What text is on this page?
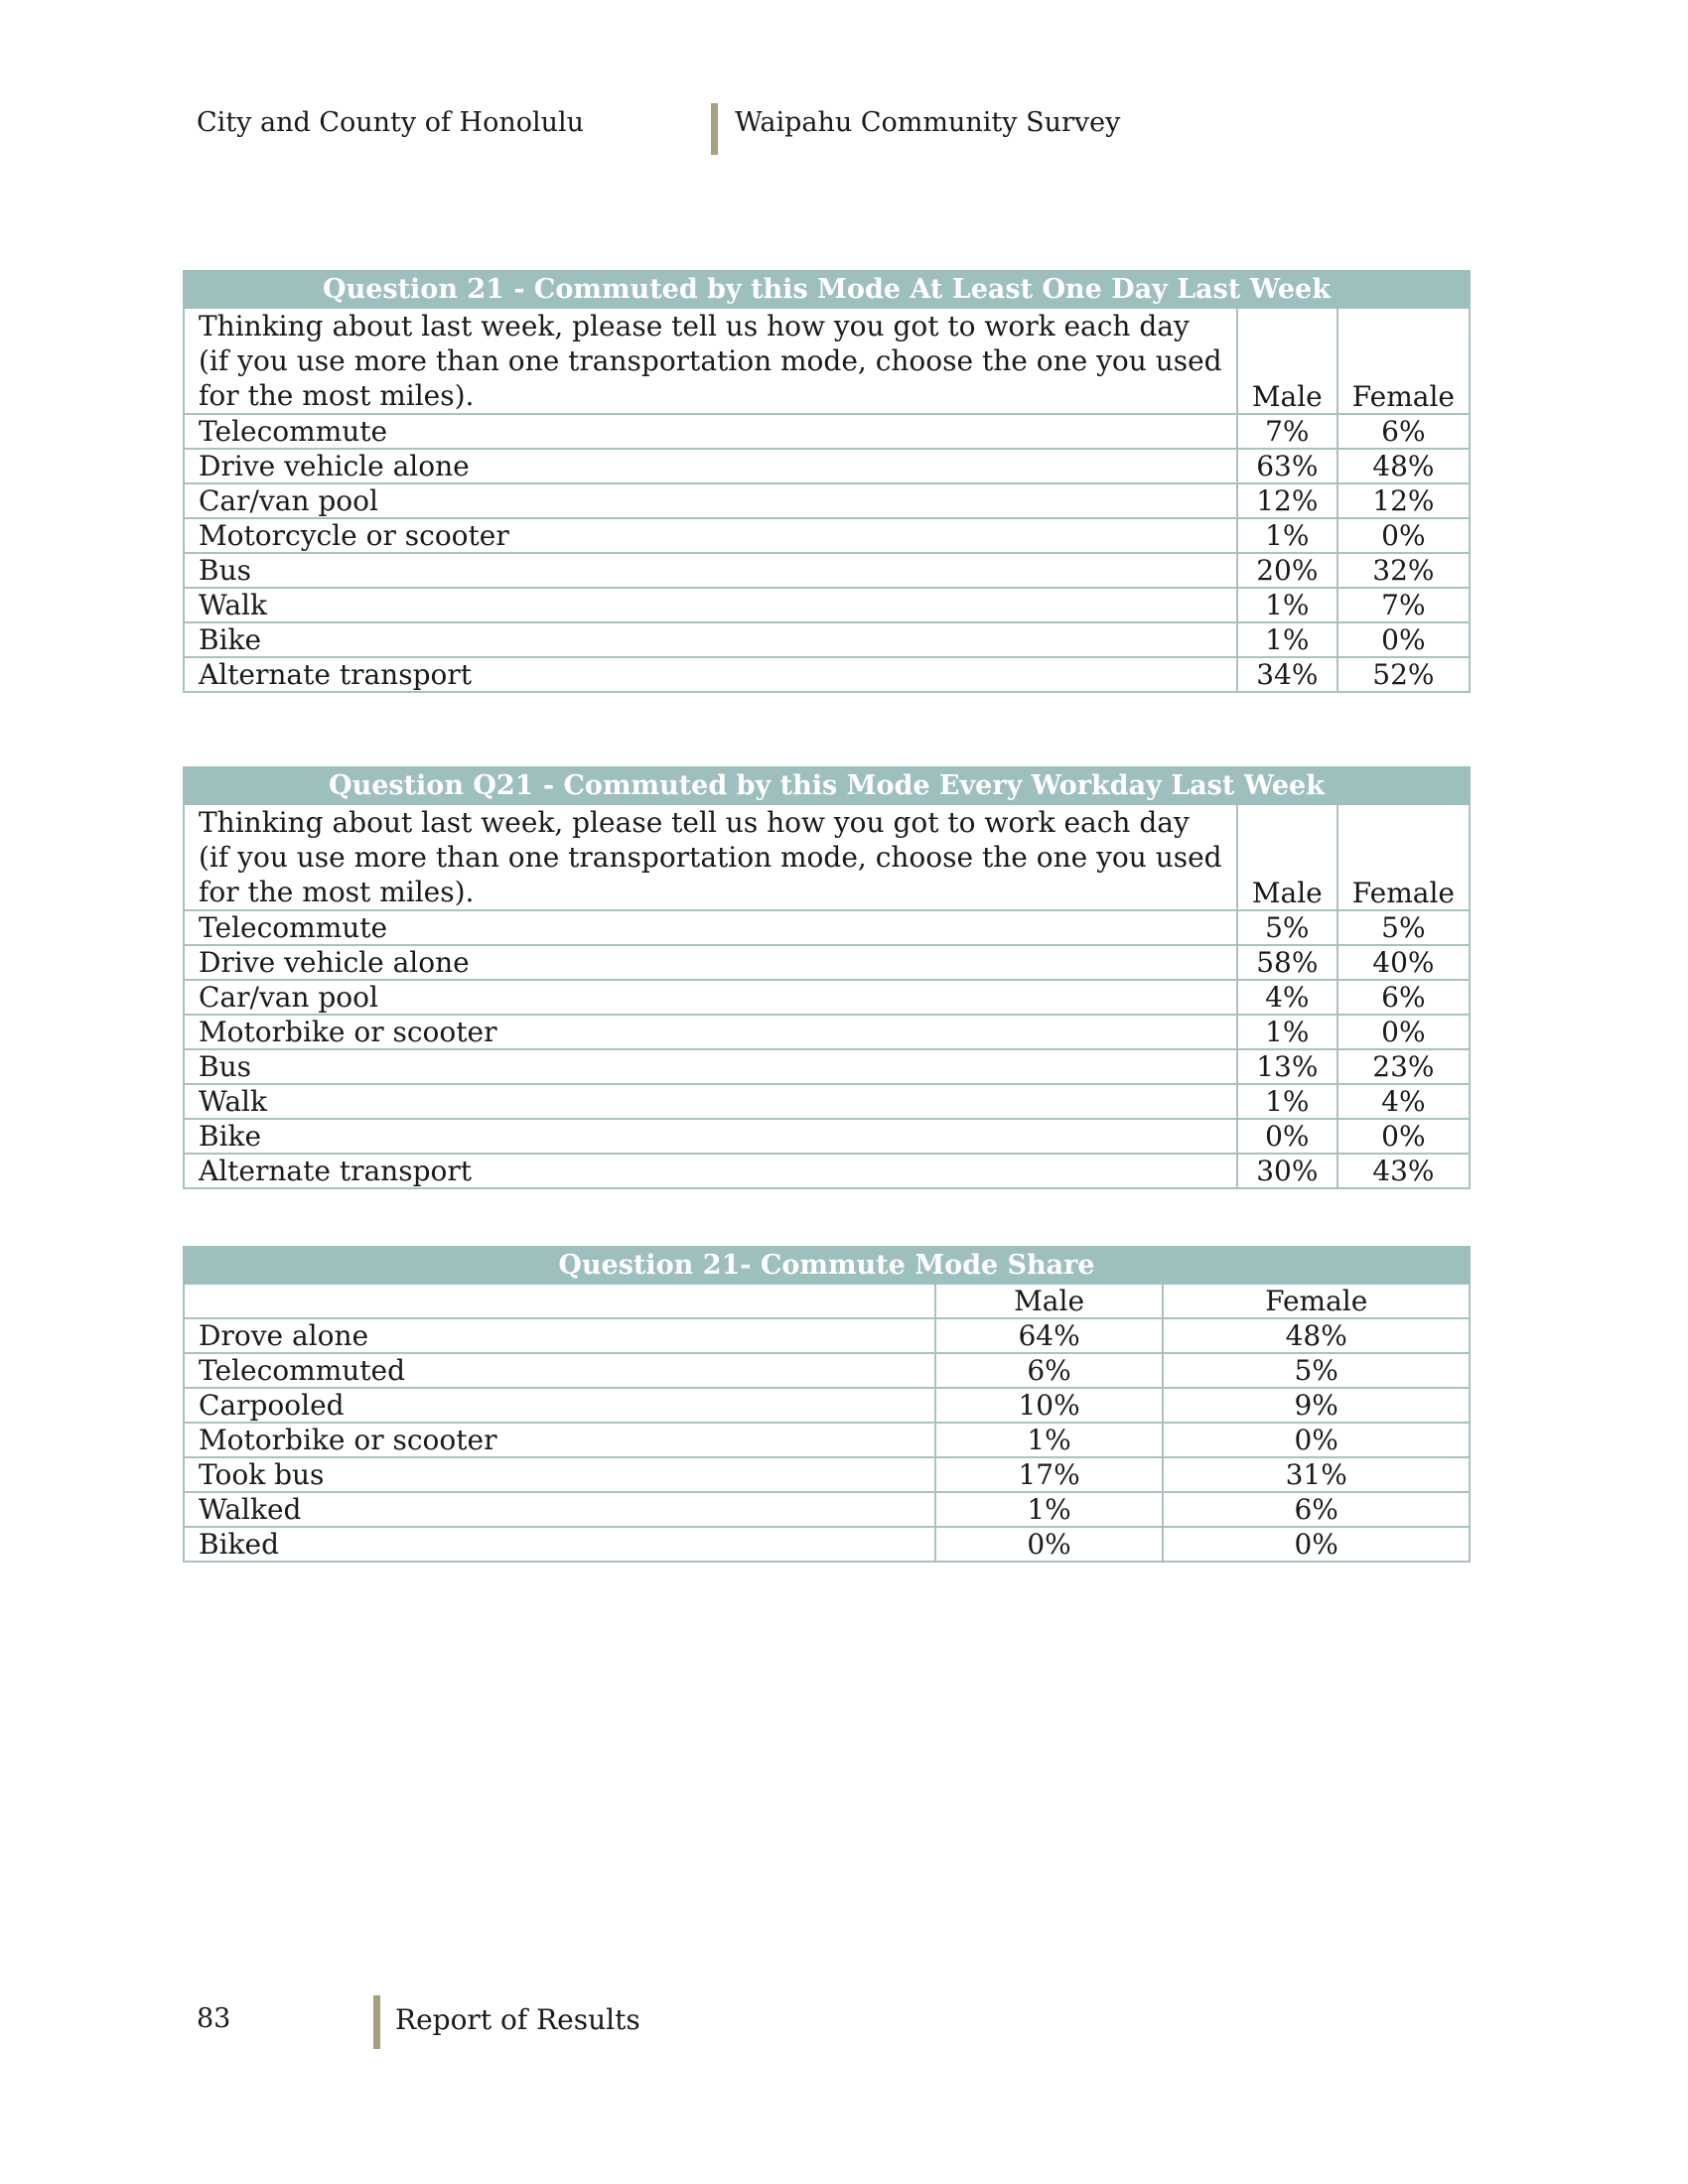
City and County of Honolulu	Waipahu Community Survey
Question 21 - Commuted by this Mode At Least One Day Last Week		
Thinking about last week, please tell us how you got to work each day (if you use more than one transportation mode, choose the one you used for the most miles).	Male	Female
Telecommute	7%	6%
Drive vehicle alone	63%	48%
Car/van pool	12%	12%
Motorcycle or scooter	1%	0%
Bus	20%	32%
Walk	1%	7%
Bike	1%	0%
Alternate transport	34%	52%
Question Q21 - Commuted by this Mode Every Workday Last Week		
Thinking about last week, please tell us how you got to work each day (if you use more than one transportation mode, choose the one you used for the most miles).	Male	Female
Telecommute	5%	5%
Drive vehicle alone	58%	40%
Car/van pool	4%	6%
Motorbike or scooter	1%	0%
Bus	13%	23%
Walk	1%	4%
Bike	0%	0%
Alternate transport	30%	43%
Question 21- Commute Mode Share		
	Male	Female
Drove alone	64%	48%
Telecommuted	6%	5%
Carpooled	10%	9%
Motorbike or scooter	1%	0%
Took bus	17%	31%
Walked	1%	6%
Biked	0%	0%
83	Report of Results
